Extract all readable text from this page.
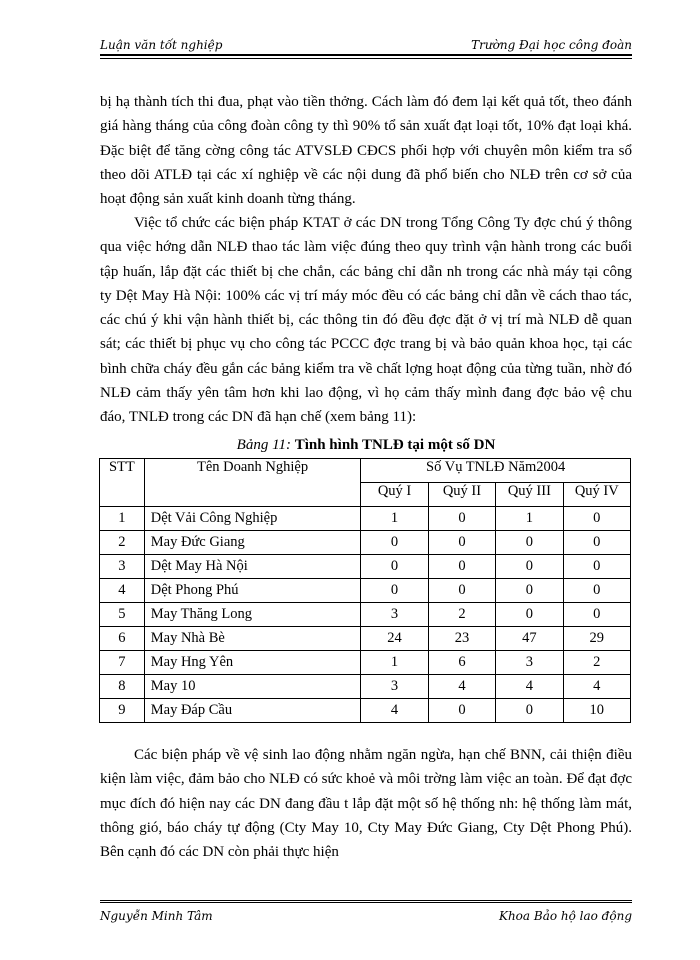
Luận văn tốt nghiệp	Trường Đại học công đoàn

bị hạ thành tích thi đua, phạt vào tiền thởng. Cách làm đó đem lại kết quả tốt, theo đánh giá hàng tháng của công đoàn công ty thì 90% tổ sản xuất đạt loại tốt, 10% đạt loại khá. Đặc biệt để tăng cờng công tác ATVSLĐ CĐCS phối hợp với chuyên môn kiểm tra sổ theo dõi ATLĐ tại các xí nghiệp về các nội dung đã phổ biến cho NLĐ trên cơ sở của hoạt động sản xuất kinh doanh từng tháng.

Việc tổ chức các biện pháp KTAT ở các DN trong Tổng Công Ty đợc chú ý thông qua việc hớng dẫn NLĐ thao tác làm việc đúng theo quy trình vận hành trong các buổi tập huấn, lắp đặt các thiết bị che chắn, các bảng chỉ dẫn nh trong các nhà máy tại công ty Dệt May Hà Nội: 100% các vị trí máy móc đều có các bảng chỉ dẫn về cách thao tác, các chú ý khi vận hành thiết bị, các thông tin đó đều đợc đặt ở vị trí mà NLĐ dễ quan sát; các thiết bị phục vụ cho công tác PCCC đợc trang bị và bảo quản khoa học, tại các bình chữa cháy đều gắn các bảng kiểm tra về chất lợng hoạt động của từng tuần, nhờ đó NLĐ cảm thấy yên tâm hơn khi lao động, vì họ cảm thấy mình đang đợc bảo vệ chu đáo, TNLĐ trong các DN đã hạn chế (xem bảng 11):

Bảng 11: Tình hình TNLĐ tại một số DN
STT	Tên Doanh Nghiệp	Số Vụ TNLĐ Năm2004			
		Quý I	Quý II	Quý III	Quý IV
1	Dệt Vải Công Nghiệp	1	0	1	0
2	May Đức Giang	0	0	0	0
3	Dệt May Hà Nội	0	0	0	0
4	Dệt Phong Phú	0	0	0	0
5	May Thăng Long	3	2	0	0
6	May Nhà Bè	24	23	47	29
7	May Hng Yên	1	6	3	2
8	May 10	3	4	4	4
9	May Đáp Cầu	4	0	0	10

Các biện pháp về vệ sinh lao động nhằm ngăn ngừa, hạn chế BNN, cải thiện điều kiện làm việc, đảm bảo cho NLĐ có sức khoẻ và môi trờng làm việc an toàn. Để đạt đợc mục đích đó hiện nay các DN đang đầu t lắp đặt một số hệ thống nh: hệ thống làm mát, thông gió, báo cháy tự động (Cty May 10, Cty May Đức Giang, Cty Dệt Phong Phú). Bên cạnh đó các DN còn phải thực hiện

Nguyễn Minh Tâm	Khoa Bảo hộ lao động
